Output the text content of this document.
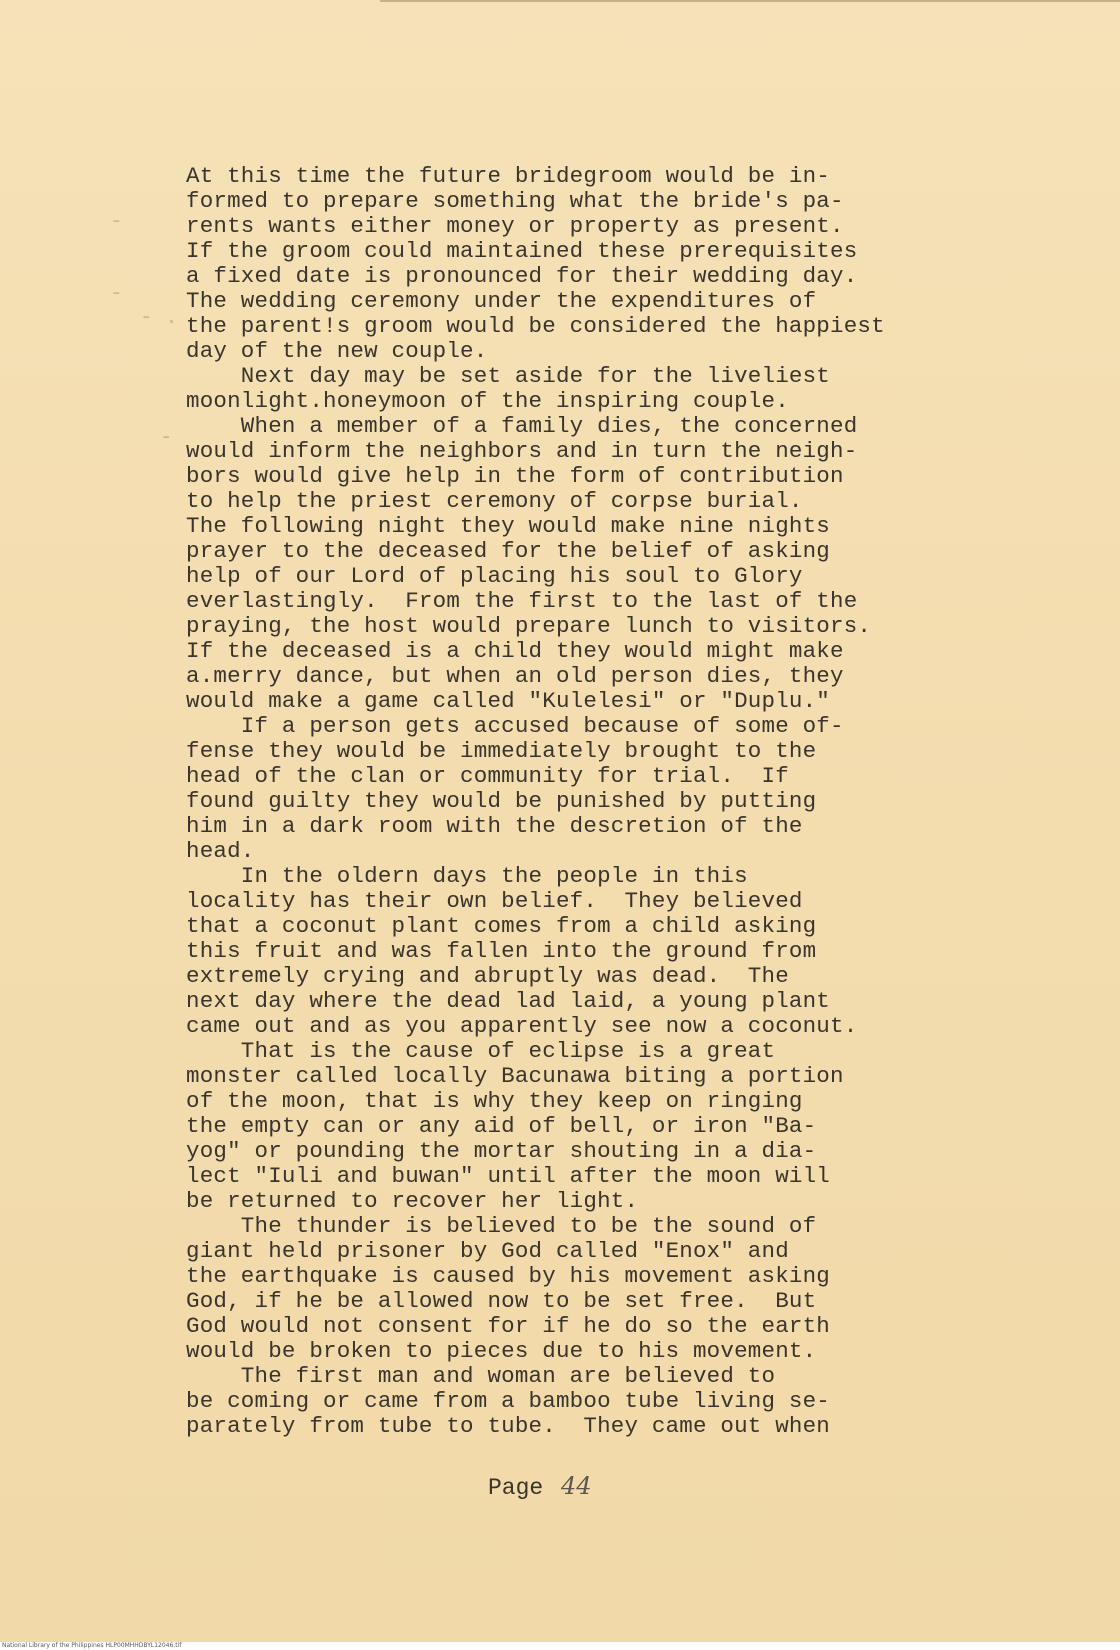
-
-
- .
-
At this time the future bridegroom would be in-
formed to prepare something what the bride's pa-
rents wants either money or property as present.
If the groom could maintained these prerequisites
a fixed date is pronounced for their wedding day.
The wedding ceremony under the expenditures of
the parent!s groom would be considered the happiest
day of the new couple.
Next day may be set aside for the liveliest
moonlight.honeymoon of the inspiring couple.
When a member of a family dies, the concerned
would inform the neighbors and in turn the neigh-
bors would give help in the form of contribution
to help the priest ceremony of corpse burial.
The following night they would make nine nights
prayer to the deceased for the belief of asking
help of our Lord of placing his soul to Glory
everlastingly.  From the first to the last of the
praying, the host would prepare lunch to visitors.
If the deceased is a child they would might make
a.merry dance, but when an old person dies, they
would make a game called "Kulelesi" or "Duplu."
If a person gets accused because of some of-
fense they would be immediately brought to the
head of the clan or community for trial.  If
found guilty they would be punished by putting
him in a dark room with the descretion of the
head.
In the oldern days the people in this
locality has their own belief.  They believed
that a coconut plant comes from a child asking
this fruit and was fallen into the ground from
extremely crying and abruptly was dead.  The
next day where the dead lad laid, a young plant
came out and as you apparently see now a coconut.
That is the cause of eclipse is a great
monster called locally Bacunawa biting a portion
of the moon, that is why they keep on ringing
the empty can or any aid of bell, or iron "Ba-
yog" or pounding the mortar shouting in a dia-
lect "Iuli and buwan" until after the moon will
be returned to recover her light.
The thunder is believed to be the sound of
giant held prisoner by God called "Enox" and
the earthquake is caused by his movement asking
God, if he be allowed now to be set free.  But
God would not consent for if he do so the earth
would be broken to pieces due to his movement.
The first man and woman are believed to
be coming or came from a bamboo tube living se-
parately from tube to tube.  They came out when
Page 44
National Library of the Philippines HLP00MHHDBYL12046.tif
